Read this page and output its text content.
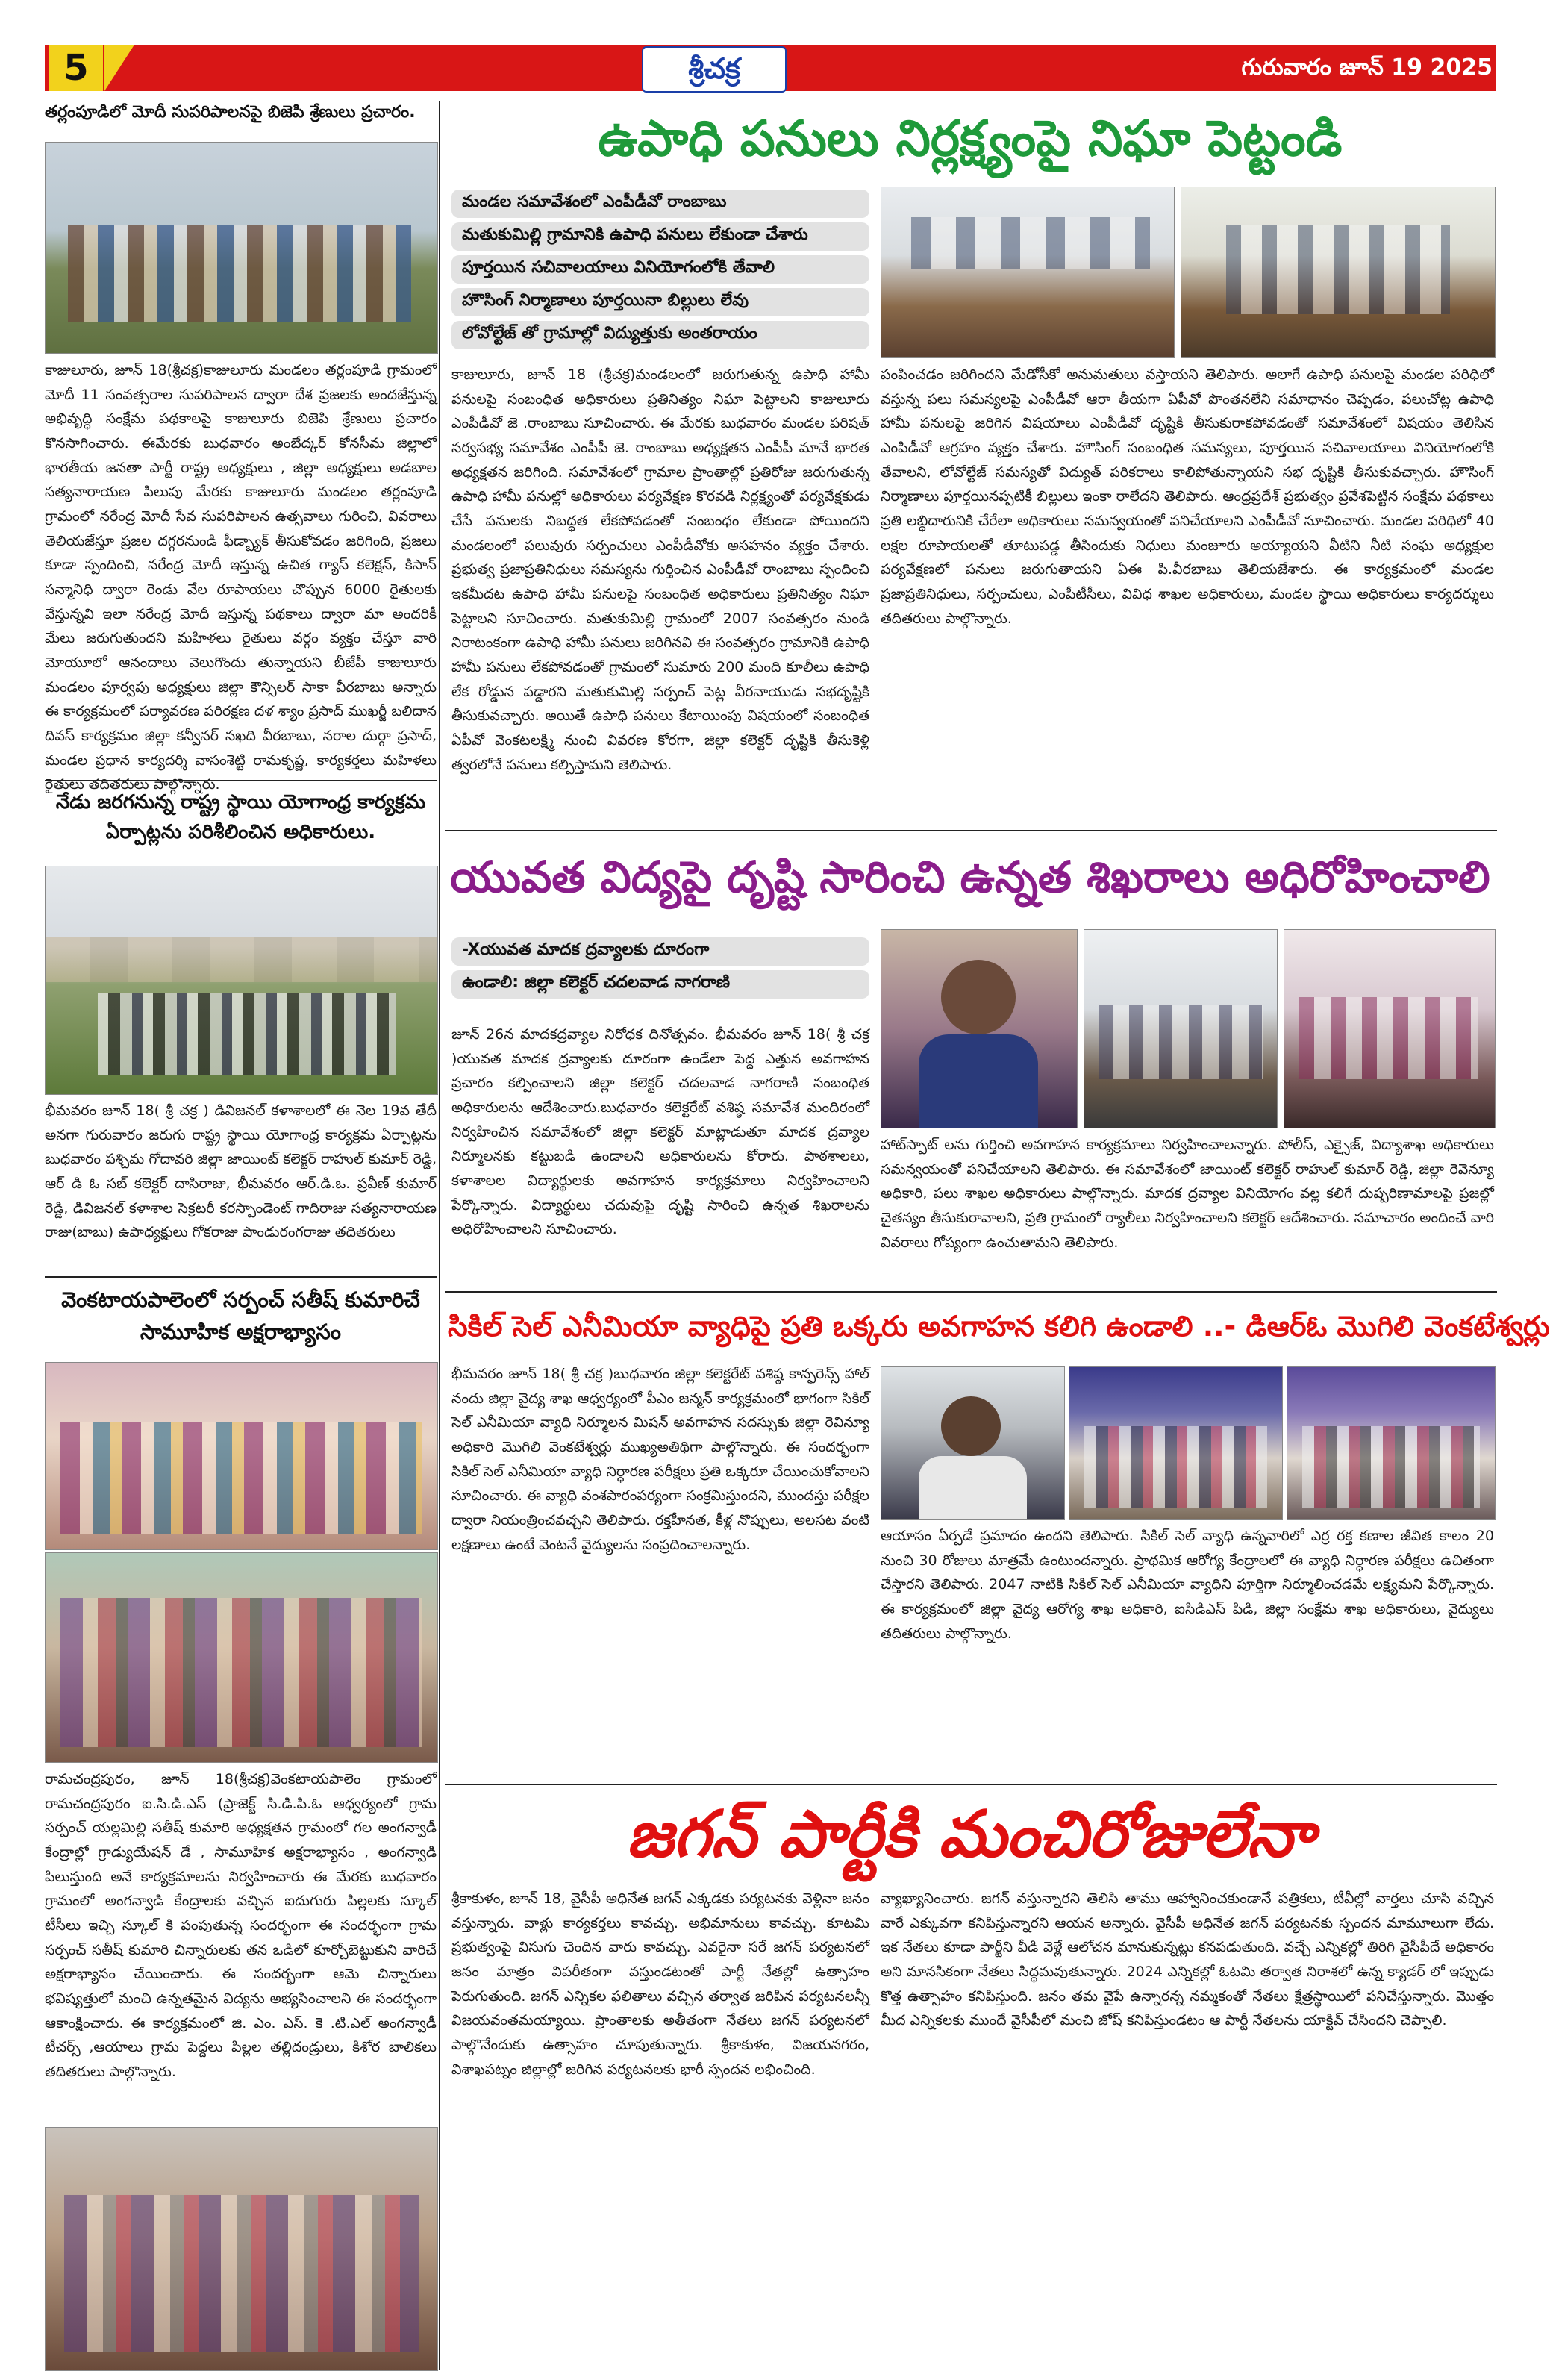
5	శ్రీచక్ర	గురువారం జూన్ 19 2025
తర్లంపూడిలో మోదీ సుపరిపాలనపై బిజెపి శ్రేణులు ప్రచారం.
కాజులూరు, జూన్ 18(శ్రీచక్ర)కాజులూరు మండలం తర్లంపూడి గ్రామంలో మోదీ 11 సంవత్సరాల సుపరిపాలన ద్వారా దేశ ప్రజలకు అందజేస్తున్న అభివృద్ధి సంక్షేమ పథకాలపై కాజులూరు బిజెపి శ్రేణులు ప్రచారం కొనసాగించారు. ఈమేరకు బుధవారం అంబేద్కర్ కోనసీమ జిల్లాలో భారతీయ జనతా పార్టీ రాష్ట్ర అధ్యక్షులు , జిల్లా అధ్యక్షులు అడబాల సత్యనారాయణ పిలుపు మేరకు కాజులూరు మండలం తర్లంపూడి గ్రామంలో నరేంద్ర మోదీ సేవ సుపరిపాలన ఉత్సవాలు గురించి, వివరాలు తెలియజేస్తూ ప్రజల దగ్గరనుండి ఫీడ్బ్యాక్ తీసుకోవడం జరిగింది, ప్రజలు కూడా స్పందించి, నరేంద్ర మోదీ ఇస్తున్న ఉచిత గ్యాస్ కలెక్షన్, కిసాన్ సన్మానిధి ద్వారా రెండు వేల రూపాయలు చొప్పున 6000 రైతులకు వేస్తున్నవి ఇలా నరేంద్ర మోదీ ఇస్తున్న పథకాలు ద్వారా మా అందరికీ మేలు జరుగుతుందని మహిళలు రైతులు వర్గం వ్యక్తం చేస్తూ వారి మోయూలో ఆనందాలు వెలుగొందు తున్నాయని బీజేపీ కాజులూరు మండలం పూర్వపు అధ్యక్షులు జిల్లా కౌన్సిలర్ సాకా వీరబాబు అన్నారు ఈ కార్యక్రమంలో పర్యావరణ పరిరక్షణ దళ శ్యాం ప్రసాద్ ముఖర్జీ బలిదాన దివస్ కార్యక్రమం జిల్లా కన్వీనర్ సఖది వీరబాబు, నరాల దుర్గా ప్రసాద్, మండల ప్రధాన కార్యదర్శి వాసంశెట్టి రామకృష్ణ, కార్యకర్తలు మహిళలు రైతులు తదితరులు పాల్గొన్నారు.
నేడు జరగనున్న రాష్ట్ర స్థాయి యోగాంధ్ర కార్యక్రమ ఏర్పాట్లను పరిశీలించిన అధికారులు.
భీమవరం జూన్ 18( శ్రీ చక్ర ) డివిజనల్ కళాశాలలో ఈ నెల 19వ తేదీ అనగా గురువారం జరుగు రాష్ట్ర స్థాయి యోగాంధ్ర కార్యక్రమ ఏర్పాట్లను బుధవారం పశ్చిమ గోదావరి జిల్లా జాయింట్ కలెక్టర్ రాహుల్ కుమార్ రెడ్డి, ఆర్ డి ఓ సబ్ కలెక్టర్ దాసిరాజు, భీమవరం ఆర్.డి.ఒ. ప్రవీణ్ కుమార్ రెడ్డి, డివిజనల్ కళాశాల సెక్రటరీ కరస్పాండెంట్ గాదిరాజు సత్యనారాయణ రాజు(బాబు) ఉపాధ్యక్షులు గోకరాజు పాండురంగరాజు తదితరులు
వెంకటాయపాలెంలో సర్పంచ్ సతీష్ కుమారిచే సామూహిక అక్షరాభ్యాసం
రామచంద్రపురం, జూన్ 18(శ్రీచక్ర)వెంకటాయపాలెం గ్రామంలో రామచంద్రపురం ఐ.సి.డి.ఎస్ (ప్రాజెక్ట్ సి.డి.పి.ఓ ఆధ్వర్యంలో గ్రామ సర్పంచ్ యల్లమిల్లి సతీష్ కుమారి అధ్యక్షతన గ్రామంలో గల అంగన్వాడీ కేంద్రాల్లో గ్రాడ్యుయేషన్ డే , సామూహిక అక్షరాభ్యాసం , అంగన్వాడి పిలుస్తుంది అనే కార్యక్రమాలను నిర్వహించారు ఈ మేరకు బుధవారం గ్రామంలో అంగన్వాడి కేంద్రాలకు వచ్చిన ఐదుగురు పిల్లలకు స్కూల్ టీసీలు ఇచ్చి స్కూల్ కి పంపుతున్న సందర్భంగా ఈ సందర్భంగా గ్రామ సర్పంచ్ సతీష్ కుమారి చిన్నారులకు తన ఒడిలో కూర్చోబెట్టుకుని వారిచే అక్షరాభ్యాసం చేయించారు. ఈ సందర్భంగా ఆమె చిన్నారులు భవిష్యత్తులో మంచి ఉన్నతమైన విద్యను అభ్యసించాలని ఈ సందర్భంగా ఆకాంక్షించారు. ఈ కార్యక్రమంలో జి. ఎం. ఎస్. కె .టి.ఎల్ అంగన్వాడీ టీచర్స్ ,ఆయాలు గ్రామ పెద్దలు పిల్లల తల్లిదండ్రులు, కిశోర బాలికలు తదితరులు పాల్గొన్నారు.
ఉపాధి పనులు నిర్లక్ష్యంపై నిఘా పెట్టండి
మండల సమావేశంలో ఎంపీడీవో రాంబాబు
మతుకుమిల్లి గ్రామానికి ఉపాధి పనులు లేకుండా చేశారు
పూర్తయిన సచివాలయాలు వినియోగంలోకి తేవాలి
హౌసింగ్ నిర్మాణాలు పూర్తయినా బిల్లులు లేవు
లోవోల్టేజ్ తో గ్రామాల్లో విద్యుత్తుకు అంతరాయం
కాజులూరు, జూన్ 18 (శ్రీచక్ర)మండలంలో జరుగుతున్న ఉపాధి హామీ పనులపై సంబంధిత అధికారులు ప్రతినిత్యం నిఘా పెట్టాలని కాజులూరు ఎంపీడీవో జె .రాంబాబు సూచించారు. ఈ మేరకు బుధవారం మండల పరిషత్ సర్వసభ్య సమావేశం ఎంపీపీ జె. రాంబాబు అధ్యక్షతన ఎంపీపీ మానే భారత అధ్యక్షతన జరిగింది. సమావేశంలో గ్రామాల ప్రాంతాల్లో ప్రతిరోజు జరుగుతున్న ఉపాధి హామీ పనుల్లో అధికారులు పర్యవేక్షణ కొరవడి నిర్లక్ష్యంతో పర్యవేక్షకుడు చేసే పనులకు నిబద్ధత లేకపోవడంతో సంబంధం లేకుండా పోయిందని మండలంలో పలువురు సర్పంచులు ఎంపీడీవోకు అసహనం వ్యక్తం చేశారు. ప్రభుత్వ ప్రజాప్రతినిధులు సమస్యను గుర్తించిన ఎంపీడీవో రాంబాబు స్పందించి ఇకమీదట ఉపాధి హామీ పనులపై సంబంధిత అధికారులు ప్రతినిత్యం నిఘా పెట్టాలని సూచించారు. మతుకుమిల్లి గ్రామంలో 2007 సంవత్సరం నుండి నిరాటంకంగా ఉపాధి హామీ పనులు జరిగినవి ఈ సంవత్సరం గ్రామానికి ఉపాధి హామీ పనులు లేకపోవడంతో గ్రామంలో సుమారు 200 మంది కూలీలు ఉపాధి లేక రోడ్డున పడ్డారని మతుకుమిల్లి సర్పంచ్ పెట్ల వీరనాయుడు సభదృష్టికి తీసుకువచ్చారు. అయితే ఉపాధి పనులు కేటాయింపు విషయంలో సంబంధిత ఏపీవో వెంకటలక్ష్మి నుంచి వివరణ కోరగా, జిల్లా కలెక్టర్ దృష్టికి తీసుకెళ్లి త్వరలోనే పనులు కల్పిస్తామని తెలిపారు.
పంపించడం జరిగిందని మేడోసీకో అనుమతులు వస్తాయని తెలిపారు. అలాగే ఉపాధి పనులపై మండల పరిధిలో వస్తున్న పలు సమస్యలపై ఎంపీడీవో ఆరా తీయగా ఏపీవో పొంతనలేని సమాధానం చెప్పడం, పలుచోట్ల ఉపాధి హామీ పనులపై జరిగిన విషయాలు ఎంపీడీవో దృష్టికి తీసుకురాకపోవడంతో సమావేశంలో విషయం తెలిసిన ఎంపిడీవో ఆగ్రహం వ్యక్తం చేశారు. హౌసింగ్ సంబంధిత సమస్యలు, పూర్తయిన సచివాలయాలు వినియోగంలోకి తేవాలని, లోవోల్టేజ్ సమస్యతో విద్యుత్ పరికరాలు కాలిపోతున్నాయని సభ దృష్టికి తీసుకువచ్చారు. హౌసింగ్ నిర్మాణాలు పూర్తయినప్పటికీ బిల్లులు ఇంకా రాలేదని తెలిపారు. ఆంధ్రప్రదేశ్ ప్రభుత్వం ప్రవేశపెట్టిన సంక్షేమ పథకాలు ప్రతి లబ్ధిదారునికి చేరేలా అధికారులు సమన్వయంతో పనిచేయాలని ఎంపీడీవో సూచించారు. మండల పరిధిలో 40 లక్షల రూపాయలతో తూటుపడ్డ తీసిందుకు నిధులు మంజూరు అయ్యాయని వీటిని నీటి సంఘ అధ్యక్షుల పర్యవేక్షణలో పనులు జరుగుతాయని ఏఈ పి.వీరబాబు తెలియజేశారు. ఈ కార్యక్రమంలో మండల ప్రజాప్రతినిధులు, సర్పంచులు, ఎంపీటీసీలు, వివిధ శాఖల అధికారులు, మండల స్థాయి అధికారులు కార్యదర్శులు తదితరులు పాల్గొన్నారు.
యువత విద్యపై దృష్టి సారించి ఉన్నత శిఖరాలు అధిరోహించాలి
-Xయువత మాదక ద్రవ్యాలకు దూరంగా
ఉండాలి: జిల్లా కలెక్టర్ చదలవాడ నాగరాణి
జూన్ 26న మాదకద్రవ్యాల నిరోధక దినోత్సవం. భీమవరం జూన్ 18( శ్రీ చక్ర )యువత మాదక ద్రవ్యాలకు దూరంగా ఉండేలా పెద్ద ఎత్తున అవగాహన ప్రచారం కల్పించాలని జిల్లా కలెక్టర్ చదలవాడ నాగరాణి సంబంధిత అధికారులను ఆదేశించారు.బుధవారం కలెక్టరేట్ వశిష్ఠ సమావేశ మందిరంలో నిర్వహించిన సమావేశంలో జిల్లా కలెక్టర్ మాట్లాడుతూ మాదక ద్రవ్యాల నిర్మూలనకు కట్టుబడి ఉండాలని అధికారులను కోరారు. పాఠశాలలు, కళాశాలల విద్యార్థులకు అవగాహన కార్యక్రమాలు నిర్వహించాలని పేర్కొన్నారు. విద్యార్థులు చదువుపై దృష్టి సారించి ఉన్నత శిఖరాలను అధిరోహించాలని సూచించారు.
హాట్‌స్పాట్ లను గుర్తించి అవగాహన కార్యక్రమాలు నిర్వహించాలన్నారు. పోలీస్, ఎక్సైజ్, విద్యాశాఖ అధికారులు సమన్వయంతో పనిచేయాలని తెలిపారు. ఈ సమావేశంలో జాయింట్ కలెక్టర్ రాహుల్ కుమార్ రెడ్డి, జిల్లా రెవెన్యూ అధికారి, పలు శాఖల అధికారులు పాల్గొన్నారు. మాదక ద్రవ్యాల వినియోగం వల్ల కలిగే దుష్పరిణామాలపై ప్రజల్లో చైతన్యం తీసుకురావాలని, ప్రతి గ్రామంలో ర్యాలీలు నిర్వహించాలని కలెక్టర్ ఆదేశించారు. సమాచారం అందించే వారి వివరాలు గోప్యంగా ఉంచుతామని తెలిపారు.
సికిల్ సెల్ ఎనీమియా వ్యాధిపై ప్రతి ఒక్కరు అవగాహన కలిగి ఉండాలి ..- డిఆర్ఓ మొగిలి వెంకటేశ్వర్లు
భీమవరం జూన్ 18( శ్రీ చక్ర )బుధవారం జిల్లా కలెక్టరేట్ వశిష్ఠ కాన్ఫరెన్స్ హాల్ నందు జిల్లా వైద్య శాఖ ఆధ్వర్యంలో పీఎం జన్మన్ కార్యక్రమంలో భాగంగా సికిల్ సెల్ ఎనీమియా వ్యాధి నిర్మూలన మిషన్ అవగాహన సదస్సుకు జిల్లా రెవిన్యూ అధికారి మొగిలి వెంకటేశ్వర్లు ముఖ్యఅతిథిగా పాల్గొన్నారు. ఈ సందర్భంగా సికిల్ సెల్ ఎనీమియా వ్యాధి నిర్ధారణ పరీక్షలు ప్రతి ఒక్కరూ చేయించుకోవాలని సూచించారు. ఈ వ్యాధి వంశపారంపర్యంగా సంక్రమిస్తుందని, ముందస్తు పరీక్షల ద్వారా నియంత్రించవచ్చని తెలిపారు. రక్తహీనత, కీళ్ల నొప్పులు, అలసట వంటి లక్షణాలు ఉంటే వెంటనే వైద్యులను సంప్రదించాలన్నారు.
ఆయాసం ఏర్పడే ప్రమాదం ఉందని తెలిపారు. సికిల్ సెల్ వ్యాధి ఉన్నవారిలో ఎర్ర రక్త కణాల జీవిత కాలం 20 నుంచి 30 రోజులు మాత్రమే ఉంటుందన్నారు. ప్రాథమిక ఆరోగ్య కేంద్రాలలో ఈ వ్యాధి నిర్ధారణ పరీక్షలు ఉచితంగా చేస్తారని తెలిపారు. 2047 నాటికి సికిల్ సెల్ ఎనీమియా వ్యాధిని పూర్తిగా నిర్మూలించడమే లక్ష్యమని పేర్కొన్నారు. ఈ కార్యక్రమంలో జిల్లా వైద్య ఆరోగ్య శాఖ అధికారి, ఐసిడిఎస్ పిడి, జిల్లా సంక్షేమ శాఖ అధికారులు, వైద్యులు తదితరులు పాల్గొన్నారు.
జగన్ పార్టీకి మంచిరోజులేనా
శ్రీకాకుళం, జూన్ 18, వైసీపీ అధినేత జగన్ ఎక్కడకు పర్యటనకు వెళ్లినా జనం వస్తున్నారు. వాళ్లు కార్యకర్తలు కావచ్చు. అభిమానులు కావచ్చు. కూటమి ప్రభుత్వంపై విసుగు చెందిన వారు కావచ్చు. ఎవరైనా సరే జగన్ పర్యటనలో జనం మాత్రం విపరీతంగా వస్తుండటంతో పార్టీ నేతల్లో ఉత్సాహం పెరుగుతుంది. జగన్ ఎన్నికల ఫలితాలు వచ్చిన తర్వాత జరిపిన పర్యటనలన్నీ విజయవంతమయ్యాయి. ప్రాంతాలకు అతీతంగా నేతలు జగన్ పర్యటనలో పాల్గొనేందుకు ఉత్సాహం చూపుతున్నారు. శ్రీకాకుళం, విజయనగరం, విశాఖపట్నం జిల్లాల్లో జరిగిన పర్యటనలకు భారీ స్పందన లభించింది.
వ్యాఖ్యానించారు. జగన్ వస్తున్నారని తెలిసి తాము ఆహ్వానించకుండానే పత్రికలు, టీవీల్లో వార్తలు చూసి వచ్చిన వారే ఎక్కువగా కనిపిస్తున్నారని ఆయన అన్నారు. వైసీపీ అధినేత జగన్ పర్యటనకు స్పందన మామూలుగా లేదు. ఇక నేతలు కూడా పార్టీని వీడి వెళ్లే ఆలోచన మానుకున్నట్లు కనపడుతుంది. వచ్చే ఎన్నికల్లో తిరిగి వైసీపీదే అధికారం అని మానసికంగా నేతలు సిద్ధమవుతున్నారు. 2024 ఎన్నికల్లో ఓటమి తర్వాత నిరాశలో ఉన్న క్యాడర్ లో ఇప్పుడు కొత్త ఉత్సాహం కనిపిస్తుంది. జనం తమ వైపే ఉన్నారన్న నమ్మకంతో నేతలు క్షేత్రస్థాయిలో పనిచేస్తున్నారు. మొత్తం మీద ఎన్నికలకు ముందే వైసీపీలో మంచి జోష్ కనిపిస్తుండటం ఆ పార్టీ నేతలను యాక్టివ్ చేసిందని చెప్పాలి.
